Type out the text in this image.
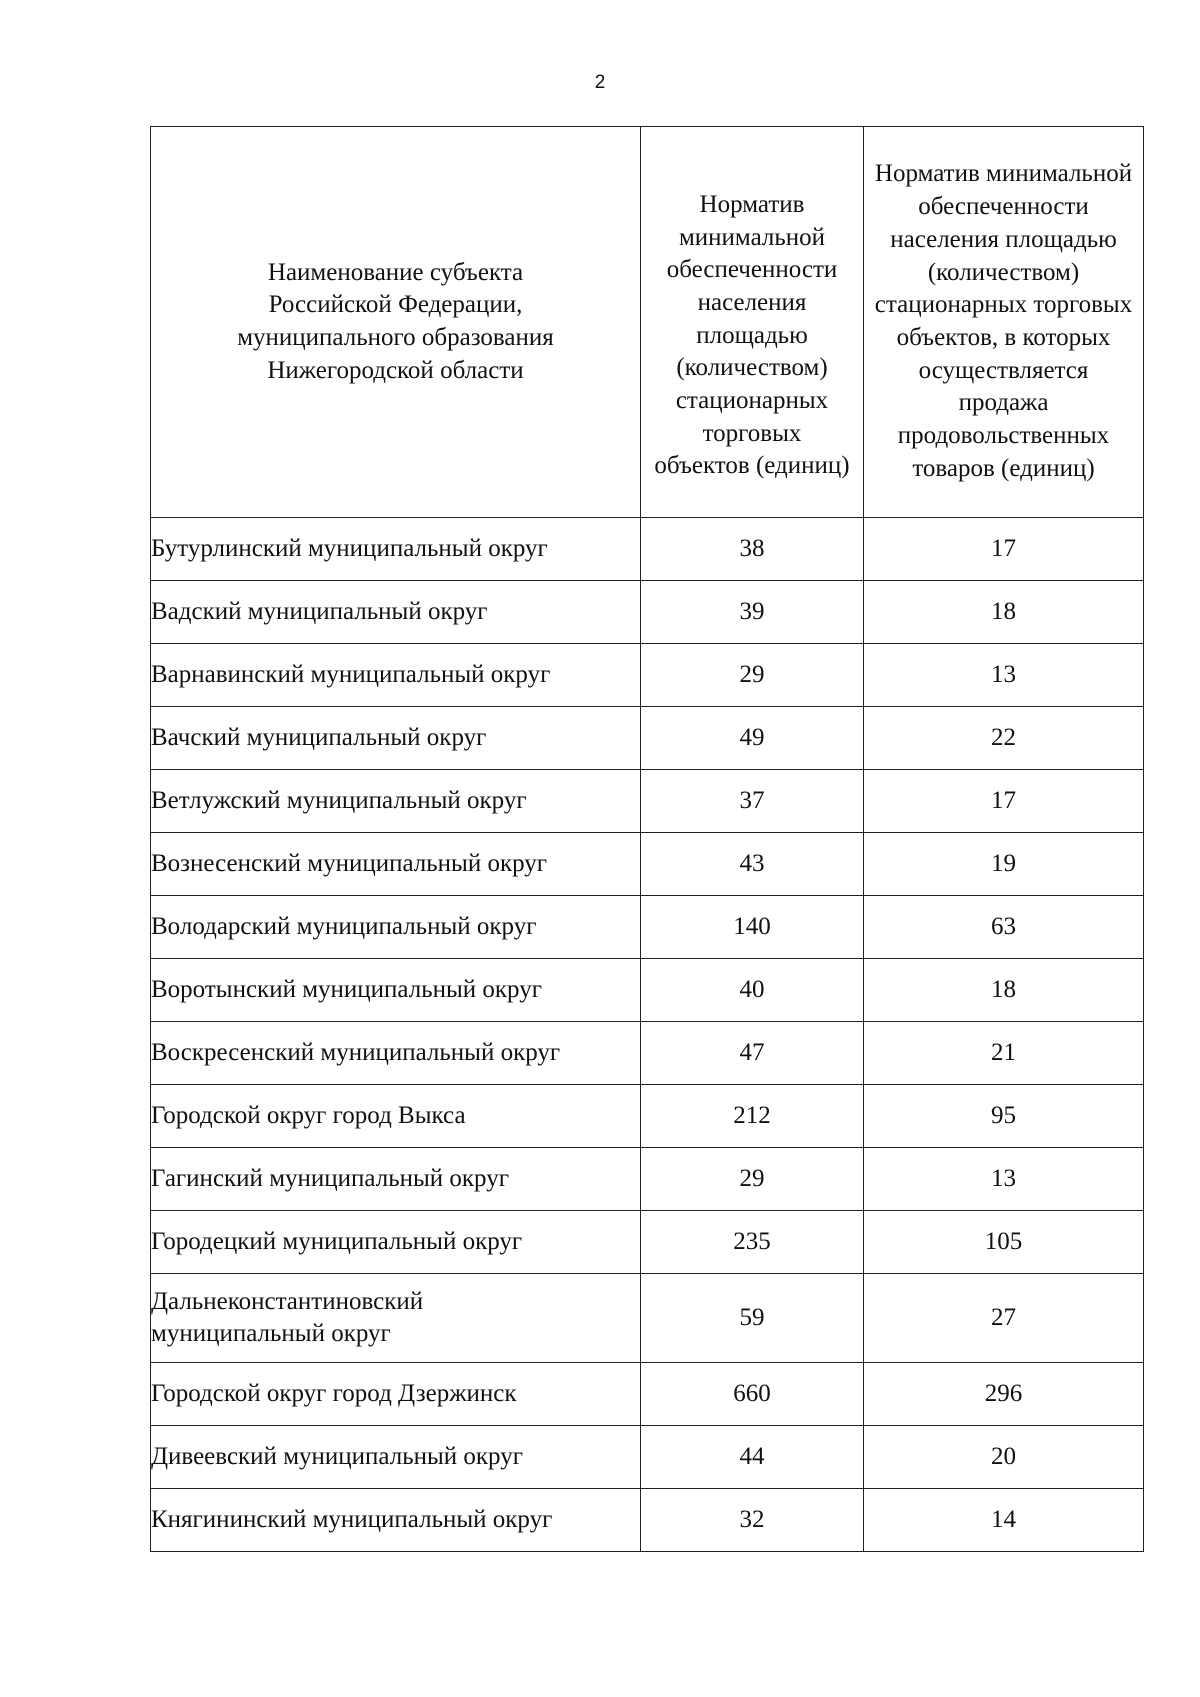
2
Наименование субъекта Российской Федерации, муниципального образования Нижегородской области	Норматив минимальной обеспеченности населения площадью (количеством) стационарных торговых объектов (единиц)	Норматив минимальной обеспеченности населения площадью (количеством) стационарных торговых объектов, в которых осуществляется продажа продовольственных товаров (единиц)

Бутурлинский муниципальный округ	38	17
Вадский муниципальный округ	39	18
Варнавинский муниципальный округ	29	13
Вачский муниципальный округ	49	22
Ветлужский муниципальный округ	37	17
Вознесенский муниципальный округ	43	19
Володарский муниципальный округ	140	63
Воротынский муниципальный округ	40	18
Воскресенский муниципальный округ	47	21
Городской округ город Выкса	212	95
Гагинский муниципальный округ	29	13
Городецкий муниципальный округ	235	105
Дальнеконстантиновский муниципальный округ	59	27
Городской округ город Дзержинск	660	296
Дивеевский муниципальный округ	44	20
Княгининский муниципальный округ	32	14
